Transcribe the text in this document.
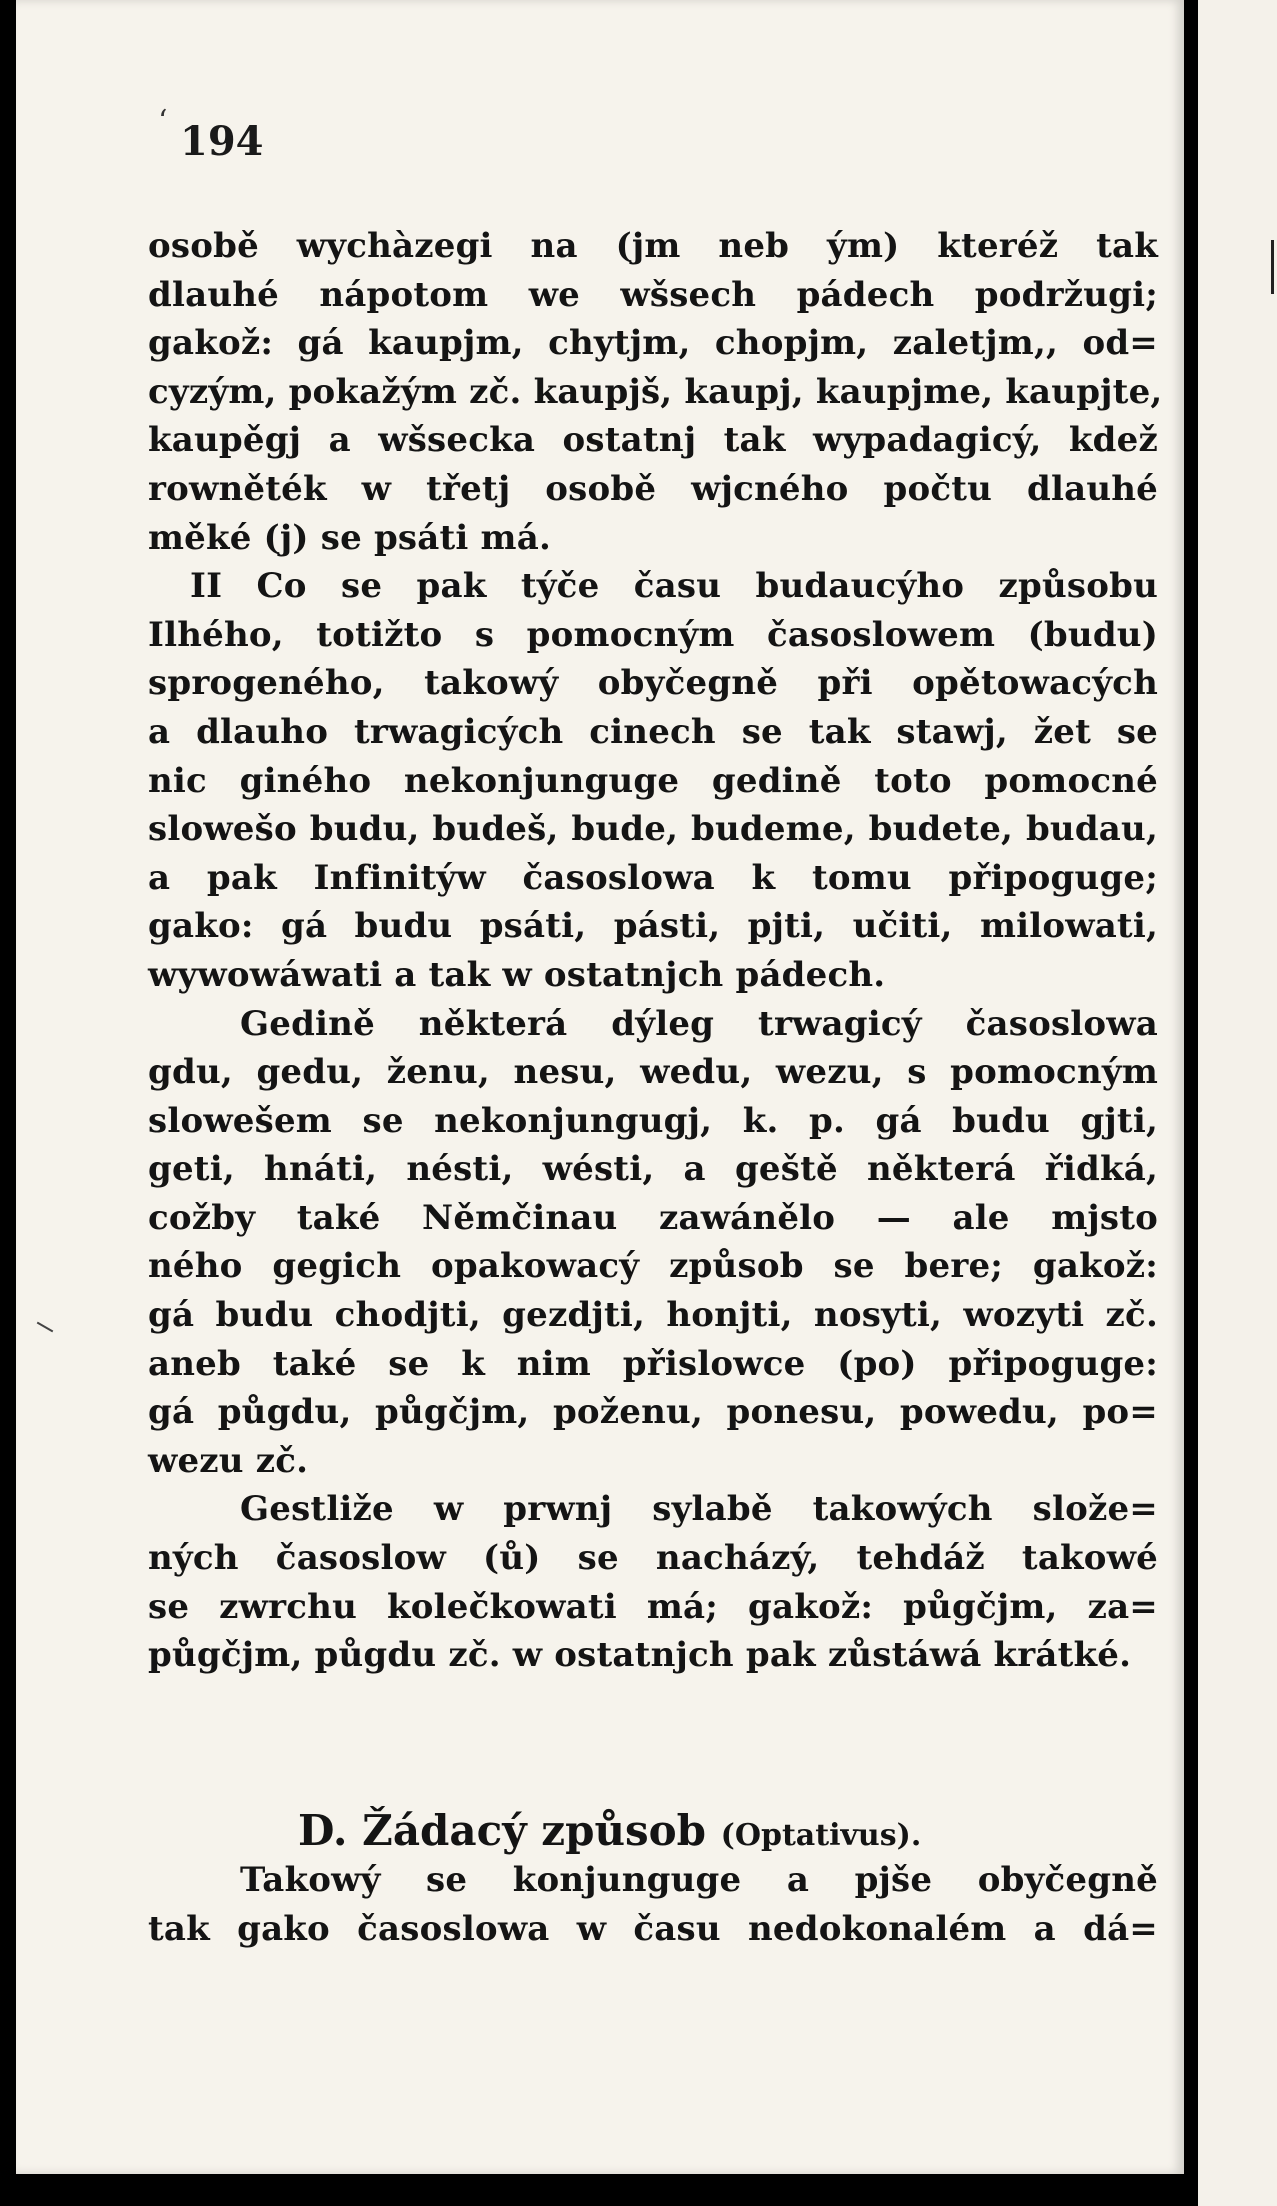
ʻ 194

osobě wychàzegi na (jm neb ým) kteréž tak
dlauhé nápotom we wšsech pádech podržugi;
gakož: gá kaupjm, chytjm, chopjm, zaletjm,, od=
cyzým, pokažým zč. kaupjš, kaupj, kaupjme, kaupjte,
kaupěgj a wšsecka ostatnj tak wypadagicý, kdež
rowněték w třetj osobě wjcného počtu dlauhé
měké (j) se psáti má.
II Co se pak týče času budaucýho způsobu
Ilhého, totižto s pomocným časoslowem (budu)
sprogeného, takowý obyčegně při opětowacých
a dlauho trwagicých cinech se tak stawj, žet se
nic giného nekonjunguge gedině toto pomocné
slowešo budu, budeš, bude, budeme, budete, budau,
a pak Infinitýw časoslowa k tomu připoguge;
gako: gá budu psáti, pásti, pjti, učiti, milowati,
wywowáwati a tak w ostatnjch pádech.
Gedině některá dýleg trwagicý časoslowa
gdu, gedu, ženu, nesu, wedu, wezu, s pomocným
slowešem se nekonjungugj, k. p. gá budu gjti,
geti, hnáti, nésti, wésti, a geště některá řidká,
cožby také Němčinau zawánělo — ale mjsto
ného gegich opakowacý způsob se bere; gakož:
gá budu chodjti, gezdjti, honjti, nosyti, wozyti zč.
aneb také se k nim přislowce (po) připoguge:
gá půgdu, půgčjm, poženu, ponesu, powedu, po=
wezu zč.
Gestliže w prwnj sylabě takowých slože=
ných časoslow (ů) se nacházý, tehdáž takowé
se zwrchu kolečkowati má; gakož: půgčjm, za=
půgčjm, půgdu zč. w ostatnjch pak zůstáwá krátké.
D. Žádacý způsob (Optativus).
Takowý se konjunguge a pjše obyčegně
tak gako časoslowa w času nedokonalém a dá=
